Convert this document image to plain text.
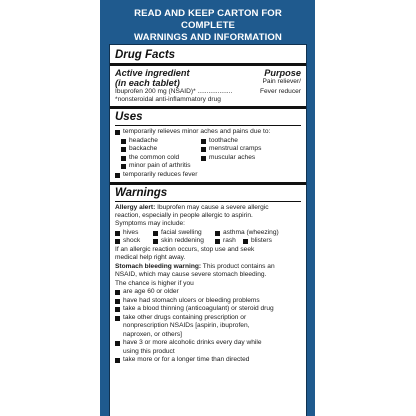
READ AND KEEP CARTON FOR COMPLETE
WARNINGS AND INFORMATION
Drug Facts
Active ingredient
(in each tablet)
Purpose
Pain reliever/
Ibuprofen 200 mg (NSAID)* ...................	Fever reducer
*nonsteroidal anti-inflammatory drug
Uses
temporarily relieves minor aches and pains due to:
headache	toothache
backache	menstrual cramps
the common cold	muscular aches
minor pain of arthritis
temporarily reduces fever
Warnings
Allergy alert: Ibuprofen may cause a severe allergic
reaction, especially in people allergic to aspirin.
Symptoms may include:
hives	facial swelling	asthma (wheezing)
shock	skin reddening	rash blisters
If an allergic reaction occurs, stop use and seek
medical help right away.
Stomach bleeding warning: This product contains an
NSAID, which may cause severe stomach bleeding.
The chance is higher if you
are age 60 or older
have had stomach ulcers or bleeding problems
take a blood thinning (anticoagulant) or steroid drug
take other drugs containing prescription or
nonprescription NSAIDs [aspirin, ibuprofen,
naproxen, or others]
have 3 or more alcoholic drinks every day while
using this product
take more or for a longer time than directed
